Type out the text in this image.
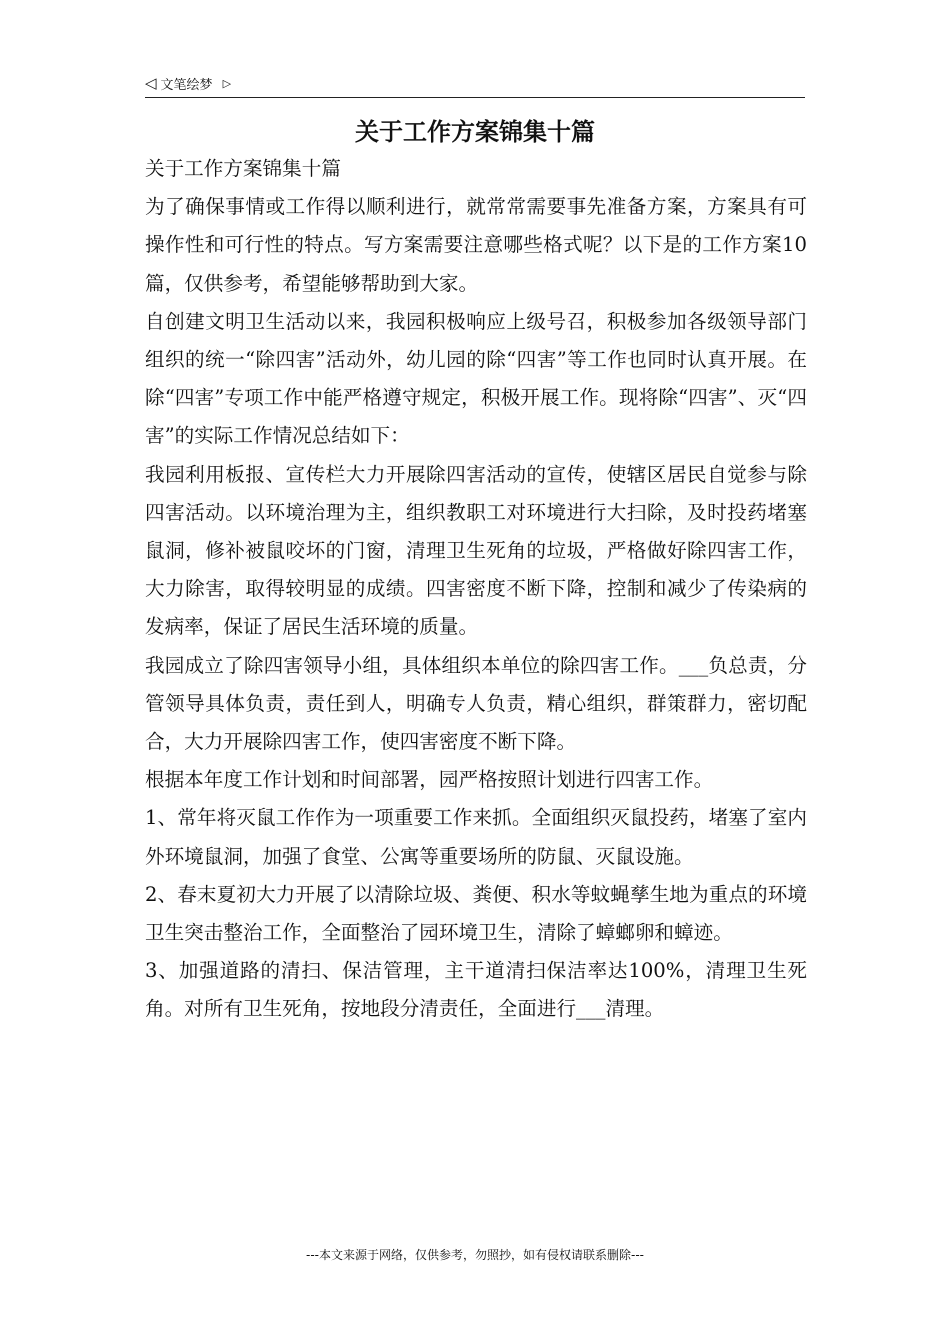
◁ 文笔绘梦 ▷
关于工作方案锦集十篇

关于工作方案锦集十篇

为了确保事情或工作得以顺利进行，就常常需要事先准备方案，方案具有可操作性和可行性的特点。写方案需要注意哪些格式呢？以下是的工作方案10篇，仅供参考，希望能够帮助到大家。

自创建文明卫生活动以来，我园积极响应上级号召，积极参加各级领导部门组织的统一“除四害”活动外，幼儿园的除“四害”等工作也同时认真开展。在除“四害”专项工作中能严格遵守规定，积极开展工作。现将除“四害”、灭“四害”的实际工作情况总结如下：

我园利用板报、宣传栏大力开展除四害活动的宣传，使辖区居民自觉参与除四害活动。以环境治理为主，组织教职工对环境进行大扫除，及时投药堵塞鼠洞，修补被鼠咬坏的门窗，清理卫生死角的垃圾，严格做好除四害工作，大力除害，取得较明显的成绩。四害密度不断下降，控制和减少了传染病的发病率，保证了居民生活环境的质量。

我园成立了除四害领导小组，具体组织本单位的除四害工作。___负总责，分管领导具体负责，责任到人，明确专人负责，精心组织，群策群力，密切配合，大力开展除四害工作，使四害密度不断下降。

根据本年度工作计划和时间部署，园严格按照计划进行四害工作。

1、常年将灭鼠工作作为一项重要工作来抓。全面组织灭鼠投药，堵塞了室内外环境鼠洞，加强了食堂、公寓等重要场所的防鼠、灭鼠设施。

2、春末夏初大力开展了以清除垃圾、粪便、积水等蚊蝇孳生地为重点的环境卫生突击整治工作，全面整治了园环境卫生，清除了蟑螂卵和蟑迹。

3、加强道路的清扫、保洁管理，主干道清扫保洁率达100%，清理卫生死角。对所有卫生死角，按地段分清责任，全面进行___清理。

---本文来源于网络，仅供参考，勿照抄，如有侵权请联系删除---
